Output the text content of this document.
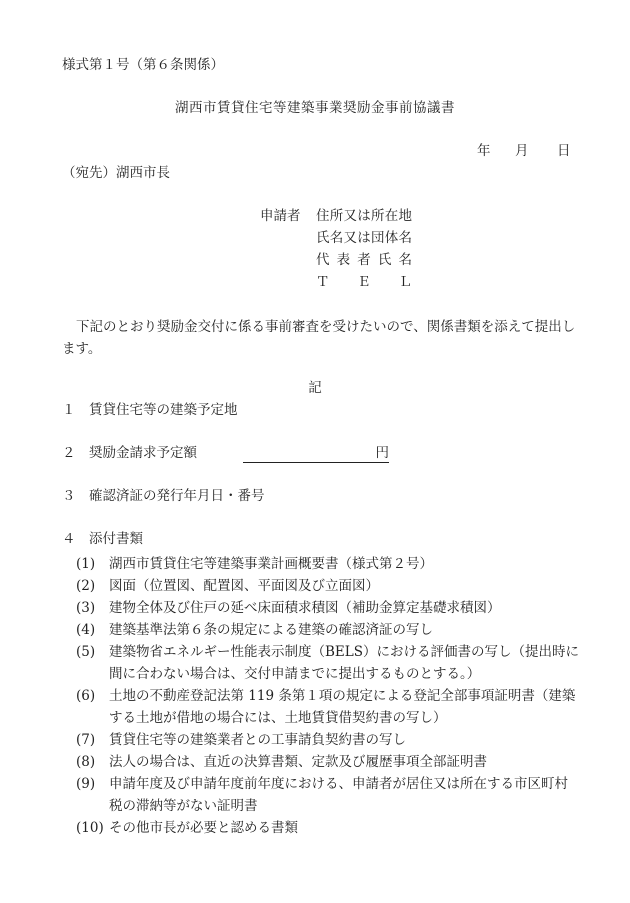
様式第１号（第６条関係）
湖西市賃貸住宅等建築事業奨励金事前協議書
年 月 日
（宛先）湖西市長
申請者 住 所 又 は 所 在 地
氏 名 又 は 団 体 名
代 表 者 氏 名
Ｔ Ｅ Ｌ
下記のとおり奨励金交付に係る事前審査を受けたいので、関係書類を添えて提出します。
記
１　賃貸住宅等の建築予定地
２　奨励金請求予定額	円
３　確認済証の発行年月日・番号
４　添付書類
(1)	湖西市賃貸住宅等建築事業計画概要書（様式第２号）
(2)	図面（位置図、配置図、平面図及び立面図）
(3)	建物全体及び住戸の延べ床面積求積図（補助金算定基礎求積図）
(4)	建築基準法第６条の規定による建築の確認済証の写し
(5)	建築物省エネルギー性能表示制度（BELS）における評価書の写し（提出時に間に合わない場合は、交付申請までに提出するものとする。）
(6)	土地の不動産登記法第 119 条第１項の規定による登記全部事項証明書（建築する土地が借地の場合には、土地賃貸借契約書の写し）
(7)	賃貸住宅等の建築業者との工事請負契約書の写し
(8)	法人の場合は、直近の決算書類、定款及び履歴事項全部証明書
(9)	申請年度及び申請年度前年度における、申請者が居住又は所在する市区町村税の滞納等がない証明書
(10) その他市長が必要と認める書類
